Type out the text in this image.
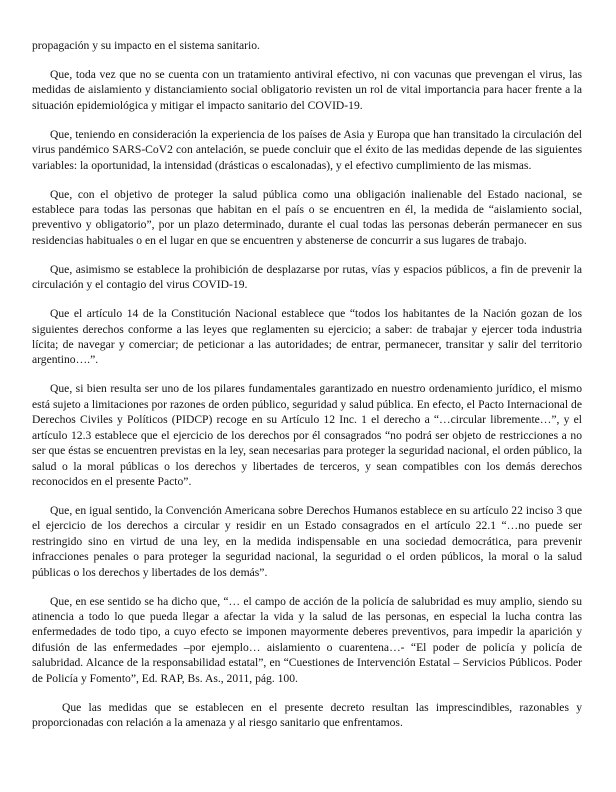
propagación y su impacto en el sistema sanitario.

Que, toda vez que no se cuenta con un tratamiento antiviral efectivo, ni con vacunas que prevengan el virus, las medidas de aislamiento y distanciamiento social obligatorio revisten un rol de vital importancia para hacer frente a la situación epidemiológica y mitigar el impacto sanitario del COVID-19.

Que, teniendo en consideración la experiencia de los países de Asia y Europa que han transitado la circulación del virus pandémico SARS-CoV2 con antelación, se puede concluir que el éxito de las medidas depende de las siguientes variables: la oportunidad, la intensidad (drásticas o escalonadas), y el efectivo cumplimiento de las mismas.

Que, con el objetivo de proteger la salud pública como una obligación inalienable del Estado nacional, se establece para todas las personas que habitan en el país o se encuentren en él, la medida de “aislamiento social, preventivo y obligatorio”, por un plazo determinado, durante el cual todas las personas deberán permanecer en sus residencias habituales o en el lugar en que se encuentren y abstenerse de concurrir a sus lugares de trabajo.

Que, asimismo se establece la prohibición de desplazarse por rutas, vías y espacios públicos, a fin de prevenir la circulación y el contagio del virus COVID-19.

Que el artículo 14 de la Constitución Nacional establece que “todos los habitantes de la Nación gozan de los siguientes derechos conforme a las leyes que reglamenten su ejercicio; a saber: de trabajar y ejercer toda industria lícita; de navegar y comerciar; de peticionar a las autoridades; de entrar, permanecer, transitar y salir del territorio argentino….”.

Que, si bien resulta ser uno de los pilares fundamentales garantizado en nuestro ordenamiento jurídico, el mismo está sujeto a limitaciones por razones de orden público, seguridad y salud pública. En efecto, el Pacto Internacional de Derechos Civiles y Políticos (PIDCP) recoge en su Artículo 12 Inc. 1 el derecho a “…circular libremente…”, y el artículo 12.3 establece que el ejercicio de los derechos por él consagrados “no podrá ser objeto de restricciones a no ser que éstas se encuentren previstas en la ley, sean necesarias para proteger la seguridad nacional, el orden público, la salud o la moral públicas o los derechos y libertades de terceros, y sean compatibles con los demás derechos reconocidos en el presente Pacto”.

Que, en igual sentido, la Convención Americana sobre Derechos Humanos establece en su artículo 22 inciso 3 que el ejercicio de los derechos a circular y residir en un Estado consagrados en el artículo 22.1 “…no puede ser restringido sino en virtud de una ley, en la medida indispensable en una sociedad democrática, para prevenir infracciones penales o para proteger la seguridad nacional, la seguridad o el orden públicos, la moral o la salud públicas o los derechos y libertades de los demás”.

Que, en ese sentido se ha dicho que, “… el campo de acción de la policía de salubridad es muy amplio, siendo su atinencia a todo lo que pueda llegar a afectar la vida y la salud de las personas, en especial la lucha contra las enfermedades de todo tipo, a cuyo efecto se imponen mayormente deberes preventivos, para impedir la aparición y difusión de las enfermedades –por ejemplo… aislamiento o cuarentena…- “El poder de policía y policía de salubridad. Alcance de la responsabilidad estatal”, en “Cuestiones de Intervención Estatal – Servicios Públicos. Poder de Policía y Fomento”, Ed. RAP, Bs. As., 2011, pág. 100.

Que las medidas que se establecen en el presente decreto resultan las imprescindibles, razonables y proporcionadas con relación a la amenaza y al riesgo sanitario que enfrentamos.
